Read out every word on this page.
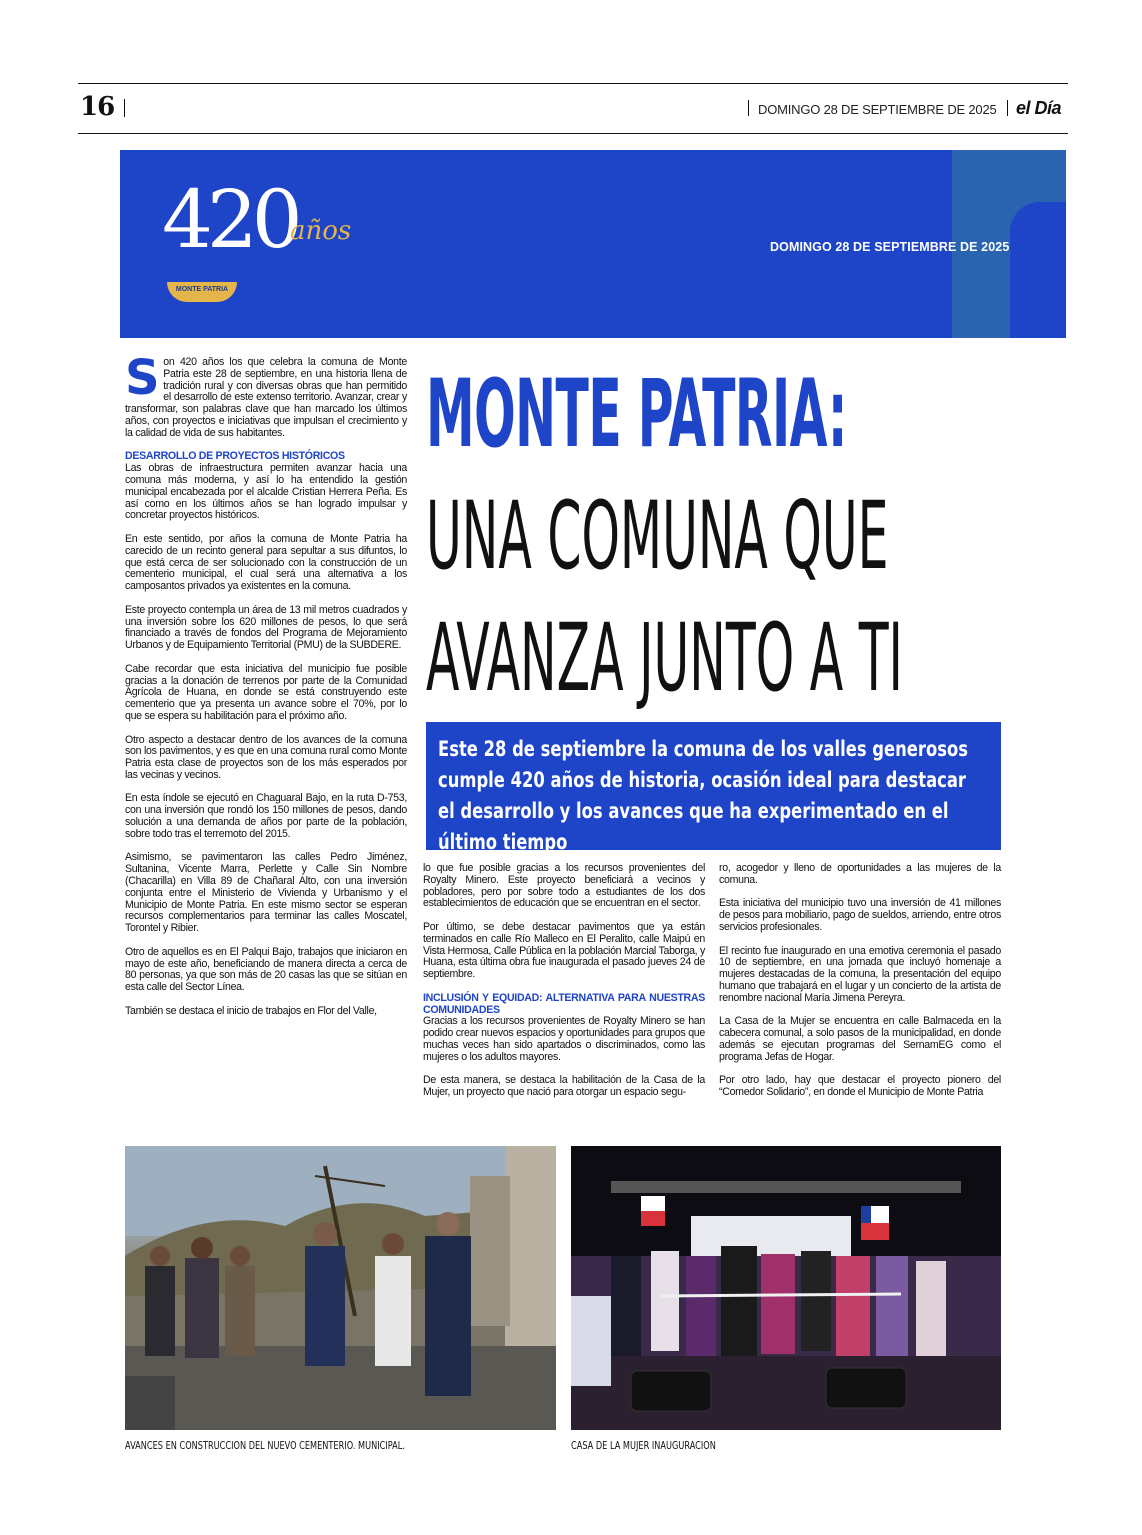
16	DOMINGO 28 DE SEPTIEMBRE DE 2025 el Día
420
años
MONTE PATRIA
DOMINGO 28 DE SEPTIEMBRE DE 2025
MONTE PATRIA:
UNA COMUNA QUE
AVANZA JUNTO A TI
Este 28 de septiembre la comuna de los valles generosos cumple 420 años de historia, ocasión ideal para destacar el desarrollo y los avances que ha experimentado en el último tiempo

Son 420 años los que celebra la comuna de Monte Patria este 28 de septiembre, en una historia llena de tradición rural y con diversas obras que han permitido el desarrollo de este extenso territorio. Avanzar, crear y transformar, son palabras clave que han marcado los últimos años, con proyectos e iniciativas que impulsan el crecimiento y la calidad de vida de sus habitantes.

DESARROLLO DE PROYECTOS HISTÓRICOS

Las obras de infraestructura permiten avanzar hacia una comuna más moderna, y así lo ha entendido la gestión municipal encabezada por el alcalde Cristian Herrera Peña. Es así como en los últimos años se han logrado impulsar y concretar proyectos históricos.

En este sentido, por años la comuna de Monte Patria ha carecido de un recinto general para sepultar a sus difuntos, lo que está cerca de ser solucionado con la construcción de un cementerio municipal, el cual será una alternativa a los camposantos privados ya existentes en la comuna.

Este proyecto contempla un área de 13 mil metros cuadrados y una inversión sobre los 620 millones de pesos, lo que será financiado a través de fondos del Programa de Mejoramiento Urbanos y de Equipamiento Territorial (PMU) de la SUBDERE.

Cabe recordar que esta iniciativa del municipio fue posible gracias a la donación de terrenos por parte de la Comunidad Agrícola de Huana, en donde se está construyendo este cementerio que ya presenta un avance sobre el 70%, por lo que se espera su habilitación para el próximo año.

Otro aspecto a destacar dentro de los avances de la comuna son los pavimentos, y es que en una comuna rural como Monte Patria esta clase de proyectos son de los más esperados por las vecinas y vecinos.

En esta índole se ejecutó en Chaguaral Bajo, en la ruta D-753, con una inversión que rondó los 150 millones de pesos, dando solución a una demanda de años por parte de la población, sobre todo tras el terremoto del 2015.

Asimismo, se pavimentaron las calles Pedro Jiménez, Sultanina, Vicente Marra, Perlette y Calle Sin Nombre (Chacarilla) en Villa 89 de Chañaral Alto, con una inversión conjunta entre el Ministerio de Vivienda y Urbanismo y el Municipio de Monte Patria. En este mismo sector se esperan recursos complementarios para terminar las calles Moscatel, Torontel y Ribier.

Otro de aquellos es en El Palqui Bajo, trabajos que iniciaron en mayo de este año, beneficiando de manera directa a cerca de 80 personas, ya que son más de 20 casas las que se sitúan en esta calle del Sector Línea.

También se destaca el inicio de trabajos en Flor del Valle,

lo que fue posible gracias a los recursos provenientes del Royalty Minero. Este proyecto beneficiará a vecinos y pobladores, pero por sobre todo a estudiantes de los dos establecimientos de educación que se encuentran en el sector.

Por último, se debe destacar pavimentos que ya están terminados en calle Río Malleco en El Peralito, calle Maipú en Vista Hermosa, Calle Pública en la población Marcial Taborga, y Huana, esta última obra fue inaugurada el pasado jueves 24 de septiembre.

INCLUSIÓN Y EQUIDAD: ALTERNATIVA PARA NUESTRAS COMUNIDADES

Gracias a los recursos provenientes de Royalty Minero se han podido crear nuevos espacios y oportunidades para grupos que muchas veces han sido apartados o discriminados, como las mujeres o los adultos mayores.

De esta manera, se destaca la habilitación de la Casa de la Mujer, un proyecto que nació para otorgar un espacio segu-

ro, acogedor y lleno de oportunidades a las mujeres de la comuna.

Esta iniciativa del municipio tuvo una inversión de 41 millones de pesos para mobiliario, pago de sueldos, arriendo, entre otros servicios profesionales.

El recinto fue inaugurado en una emotiva ceremonia el pasado 10 de septiembre, en una jornada que incluyó homenaje a mujeres destacadas de la comuna, la presentación del equipo humano que trabajará en el lugar y un concierto de la artista de renombre nacional María Jimena Pereyra.

La Casa de la Mujer se encuentra en calle Balmaceda en la cabecera comunal, a solo pasos de la municipalidad, en donde además se ejecutan programas del SernamEG como el programa Jefas de Hogar.

Por otro lado, hay que destacar el proyecto pionero del “Comedor Solidario”, en donde el Municipio de Monte Patria

AVANCES EN CONSTRUCCION DEL NUEVO CEMENTERIO. MUNICIPAL.	CASA DE LA MUJER INAUGURACION
